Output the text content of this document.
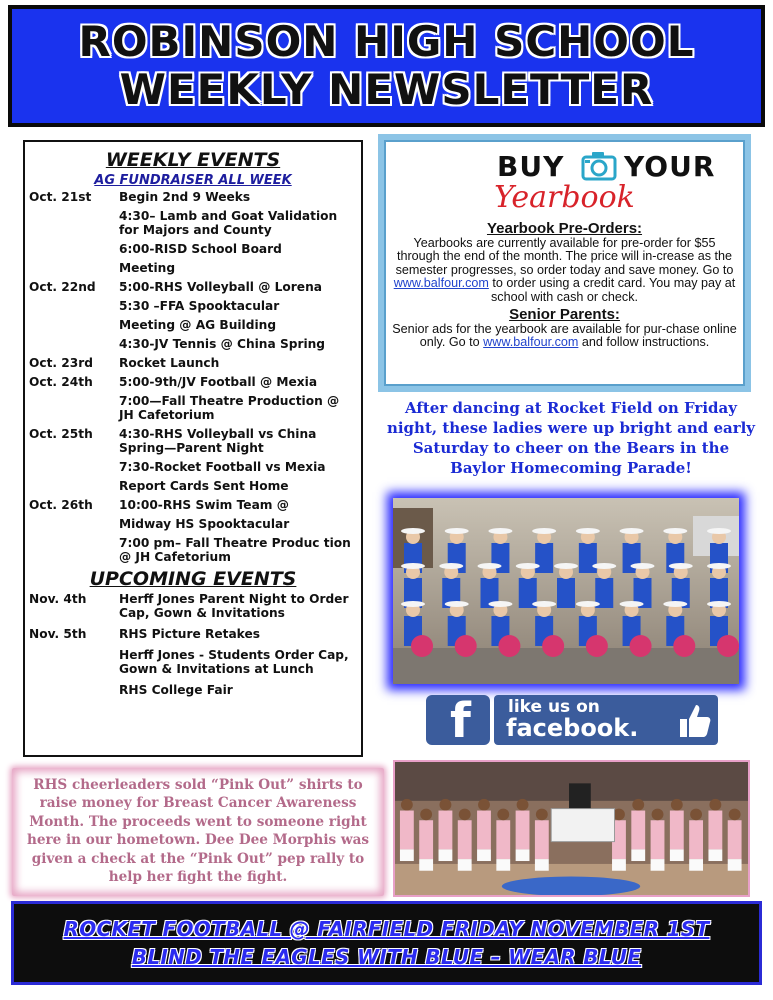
ROBINSON HIGH SCHOOL
WEEKLY NEWSLETTER
WEEKLY EVENTS
AG FUNDRAISER ALL WEEK
Oct. 21st	Begin 2nd 9 Weeks
4:30– Lamb and Goat Validation for Majors and County
6:00-RISD School Board
Meeting
Oct. 22nd	5:00-RHS Volleyball @ Lorena
5:30 –FFA Spooktacular
Meeting @ AG Building
4:30-JV Tennis @ China Spring
Oct. 23rd	Rocket Launch
Oct. 24th	5:00-9th/JV Football @ Mexia
7:00—Fall Theatre Production @ JH Cafetorium
Oct. 25th	4:30-RHS Volleyball vs China Spring—Parent Night
7:30-Rocket Football vs Mexia
Report Cards Sent Home
Oct. 26th	10:00-RHS Swim Team @
Midway HS Spooktacular
7:00 pm– Fall Theatre Produc tion @ JH Cafetorium
UPCOMING EVENTS
Nov. 4th	Herff Jones Parent Night to Order Cap, Gown & Invitations
Nov. 5th	RHS Picture Retakes
Herff Jones - Students Order Cap, Gown & Invitations at Lunch
RHS College Fair
BUY YOUR
Yearbook
Yearbook Pre-Orders:
Yearbooks are currently available for pre-order for $55 through the end of the month. The price will in-crease as the semester progresses, so order today and save money. Go to www.balfour.com to order using a credit card. You may pay at school with cash or check.
Senior Parents:
Senior ads for the yearbook are available for pur-chase online only. Go to www.balfour.com and follow instructions.
After dancing at Rocket Field on Friday night, these ladies were up bright and early Saturday to cheer on the Bears in the Baylor Homecoming Parade!
f like us on
facebook.
RHS cheerleaders sold “Pink Out” shirts to raise money for Breast Cancer Awareness Month. The proceeds went to someone right here in our hometown. Dee Dee Morphis was given a check at the “Pink Out” pep rally to help her fight the fight.
ROCKET FOOTBALL @ FAIRFIELD FRIDAY NOVEMBER 1ST
BLIND THE EAGLES WITH BLUE – WEAR BLUE
